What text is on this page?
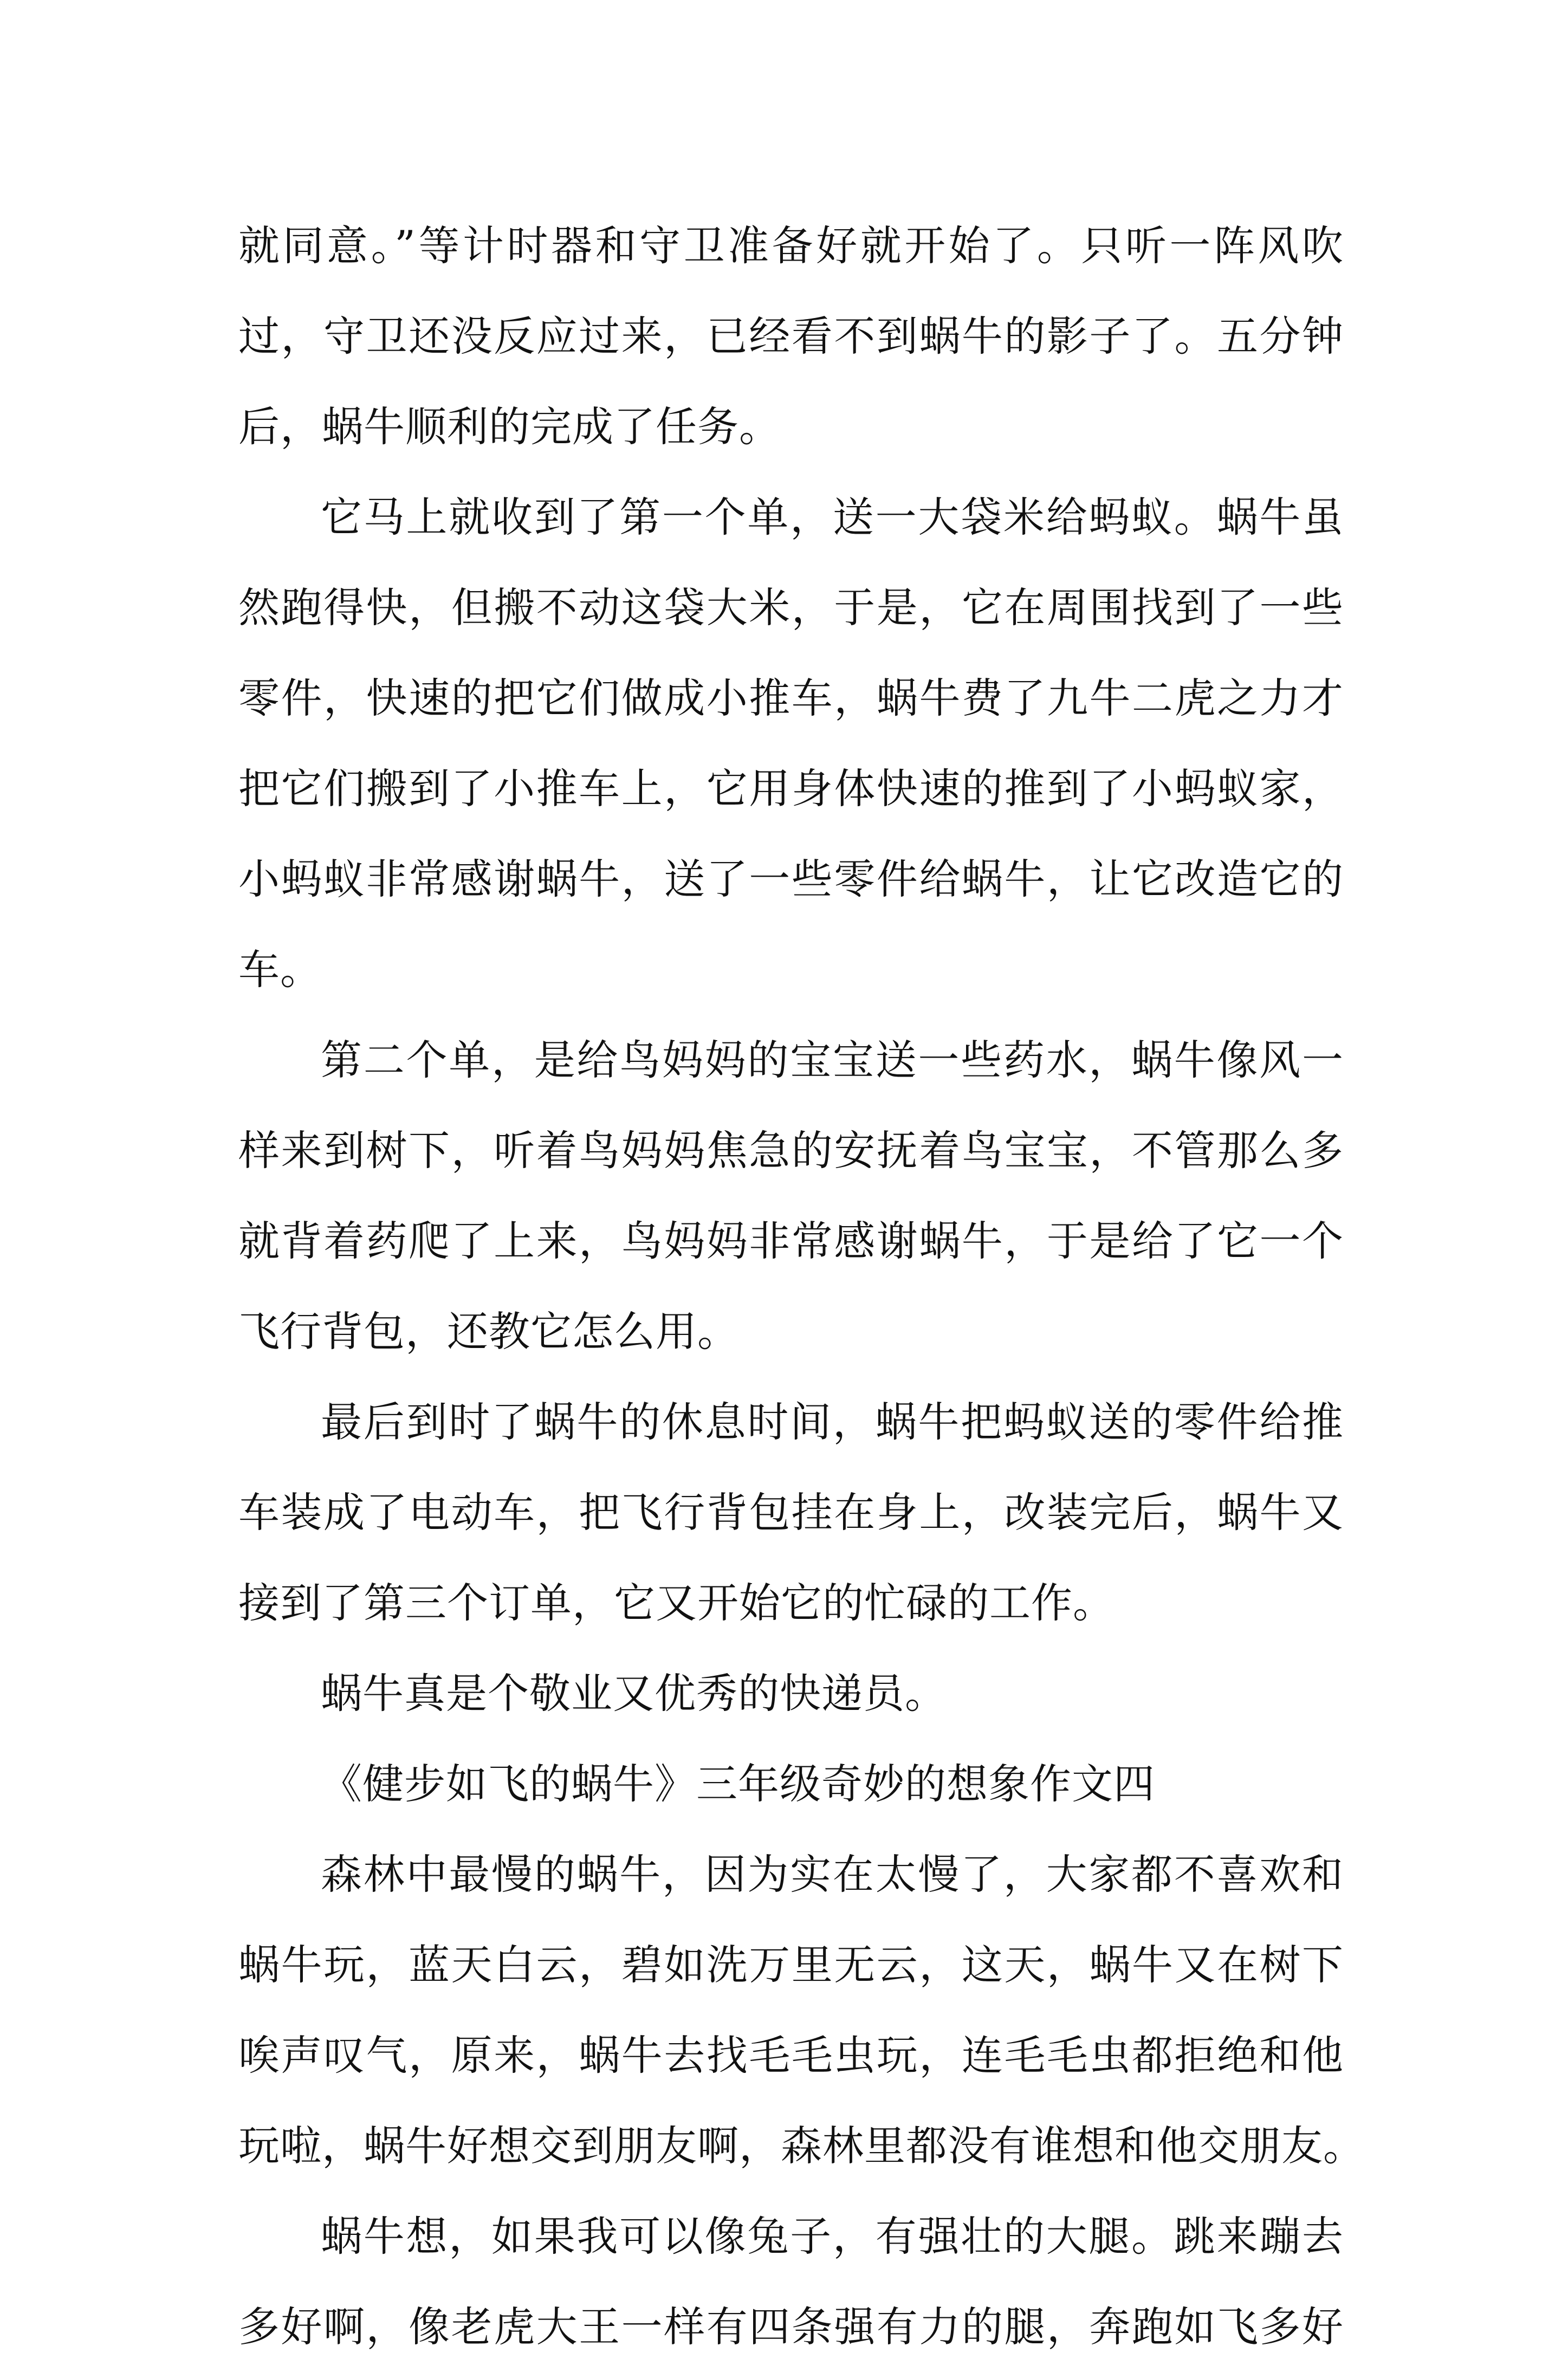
就同意。”等计时器和守卫准备好就开始了。只听一阵风吹
过，守卫还没反应过来，已经看不到蜗牛的影子了。五分钟
后，蜗牛顺利的完成了任务。
它马上就收到了第一个单，送一大袋米给蚂蚁。蜗牛虽
然跑得快，但搬不动这袋大米，于是，它在周围找到了一些
零件，快速的把它们做成小推车，蜗牛费了九牛二虎之力才
把它们搬到了小推车上，它用身体快速的推到了小蚂蚁家，
小蚂蚁非常感谢蜗牛，送了一些零件给蜗牛，让它改造它的
车。
第二个单，是给鸟妈妈的宝宝送一些药水，蜗牛像风一
样来到树下，听着鸟妈妈焦急的安抚着鸟宝宝，不管那么多
就背着药爬了上来，鸟妈妈非常感谢蜗牛，于是给了它一个
飞行背包，还教它怎么用。
最后到时了蜗牛的休息时间，蜗牛把蚂蚁送的零件给推
车装成了电动车，把飞行背包挂在身上，改装完后，蜗牛又
接到了第三个订单，它又开始它的忙碌的工作。
蜗牛真是个敬业又优秀的快递员。
《健步如飞的蜗牛》三年级奇妙的想象作文四
森林中最慢的蜗牛，因为实在太慢了，大家都不喜欢和
蜗牛玩，蓝天白云，碧如洗万里无云，这天，蜗牛又在树下
唉声叹气，原来，蜗牛去找毛毛虫玩，连毛毛虫都拒绝和他
玩啦，蜗牛好想交到朋友啊，森林里都没有谁想和他交朋友。
蜗牛想，如果我可以像兔子，有强壮的大腿。跳来蹦去
多好啊，像老虎大王一样有四条强有力的腿，奔跑如飞多好
